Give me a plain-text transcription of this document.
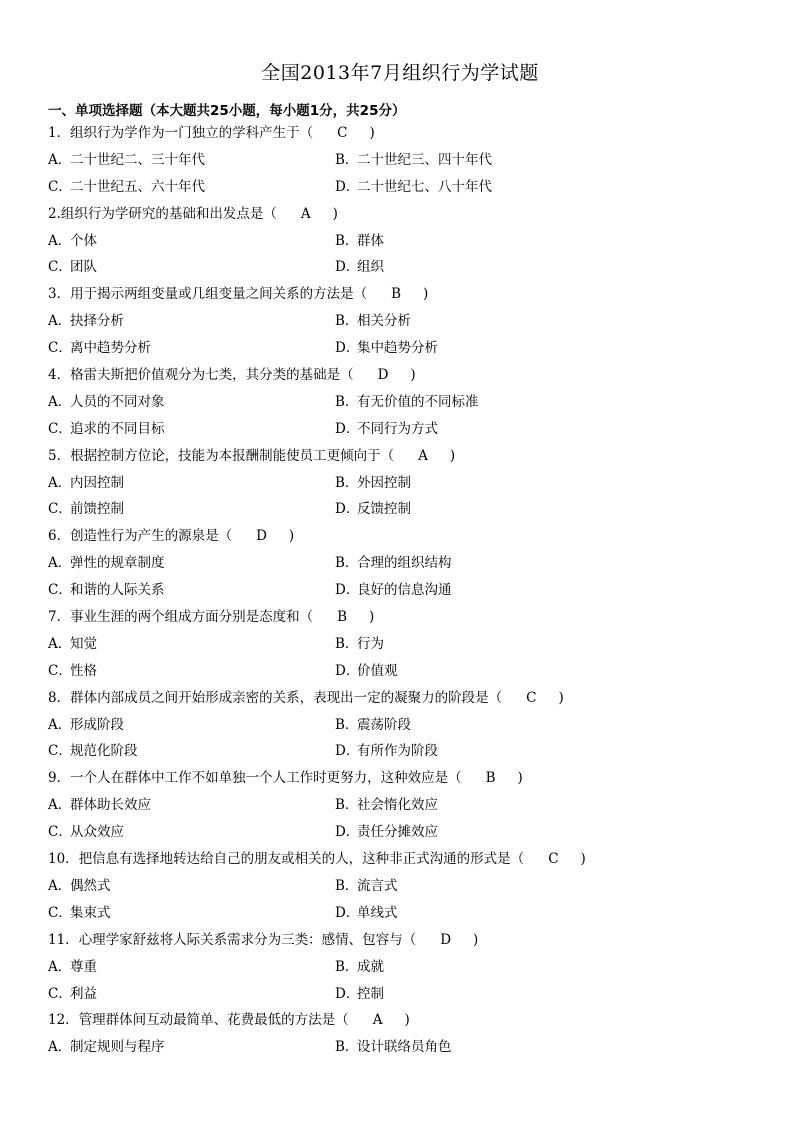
全国2013年7月组织行为学试题
一、单项选择题（本大题共25小题，每小题1分，共25分）
1．组织行为学作为一门独立的学科产生于（ C )
A．二十世纪二、三十年代	B．二十世纪三、四十年代
C．二十世纪五、六十年代	D．二十世纪七、八十年代
2.组织行为学研究的基础和出发点是（ A )
A．个体	B．群体
C．团队	D．组织
3．用于揭示两组变量或几组变量之间关系的方法是（ B )
A．抉择分析	B．相关分析
C．离中趋势分析	D．集中趋势分析
4．格雷夫斯把价值观分为七类，其分类的基础是（ D )
A．人员的不同对象	B．有无价值的不同标准
C．追求的不同目标	D．不同行为方式
5．根据控制方位论，技能为本报酬制能使员工更倾向于（ A )
A．内因控制	B．外因控制
C．前馈控制	D．反馈控制
6．创造性行为产生的源泉是（ D )
A．弹性的规章制度	B．合理的组织结构
C．和谐的人际关系	D．良好的信息沟通
7．事业生涯的两个组成方面分别是态度和（ B )
A．知觉	B．行为
C．性格	D．价值观
8．群体内部成员之间开始形成亲密的关系，表现出一定的凝聚力的阶段是（ C )
A．形成阶段	B．震荡阶段
C．规范化阶段	D．有所作为阶段
9．一个人在群体中工作不如单独一个人工作时更努力，这种效应是（ B )
A．群体助长效应	B．社会惰化效应
C．从众效应	D．责任分摊效应
10．把信息有选择地转达给自己的朋友或相关的人，这种非正式沟通的形式是（ C )
A．偶然式	B．流言式
C．集束式	D．单线式
11．心理学家舒兹将人际关系需求分为三类：感情、包容与（ D )
A．尊重	B．成就
C．利益	D．控制
12．管理群体间互动最简单、花费最低的方法是（ A )
A．制定规则与程序	B．设计联络员角色
